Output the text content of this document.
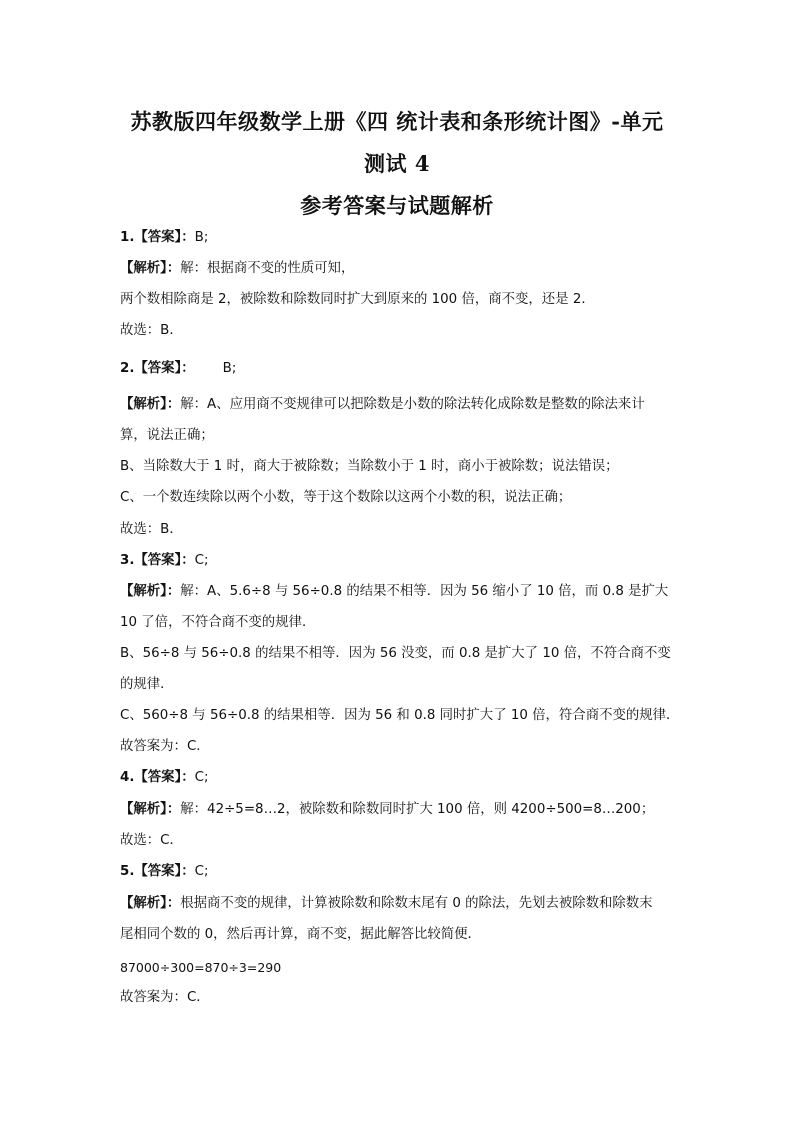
苏教版四年级数学上册《四 统计表和条形统计图》-单元
测试 4
参考答案与试题解析
1.【答案】：B;
【解析】：解：根据商不变的性质可知，
两个数相除商是 2，被除数和除数同时扩大到原来的 100 倍，商不变，还是 2．
故选：B．
2.【答案】： B;
【解析】：解：A、应用商不变规律可以把除数是小数的除法转化成除数是整数的除法来计
算，说法正确；
B、当除数大于 1 时，商大于被除数；当除数小于 1 时，商小于被除数；说法错误；
C、一个数连续除以两个小数，等于这个数除以这两个小数的积，说法正确；
故选：B．
3.【答案】：C;
【解析】：解：A、5.6÷8 与 56÷0.8 的结果不相等．因为 56 缩小了 10 倍，而 0.8 是扩大
10 了倍，不符合商不变的规律．
B、56÷8 与 56÷0.8 的结果不相等．因为 56 没变，而 0.8 是扩大了 10 倍，不符合商不变
的规律．
C、560÷8 与 56÷0.8 的结果相等．因为 56 和 0.8 同时扩大了 10 倍，符合商不变的规律．
故答案为：C．
4.【答案】：C;
【解析】：解：42÷5=8…2，被除数和除数同时扩大 100 倍，则 4200÷500=8…200；
故选：C．
5.【答案】：C;
【解析】：根据商不变的规律，计算被除数和除数末尾有 0 的除法，先划去被除数和除数末
尾相同个数的 0，然后再计算，商不变，据此解答比较简便．
87000÷300=870÷3=290
故答案为：C．
